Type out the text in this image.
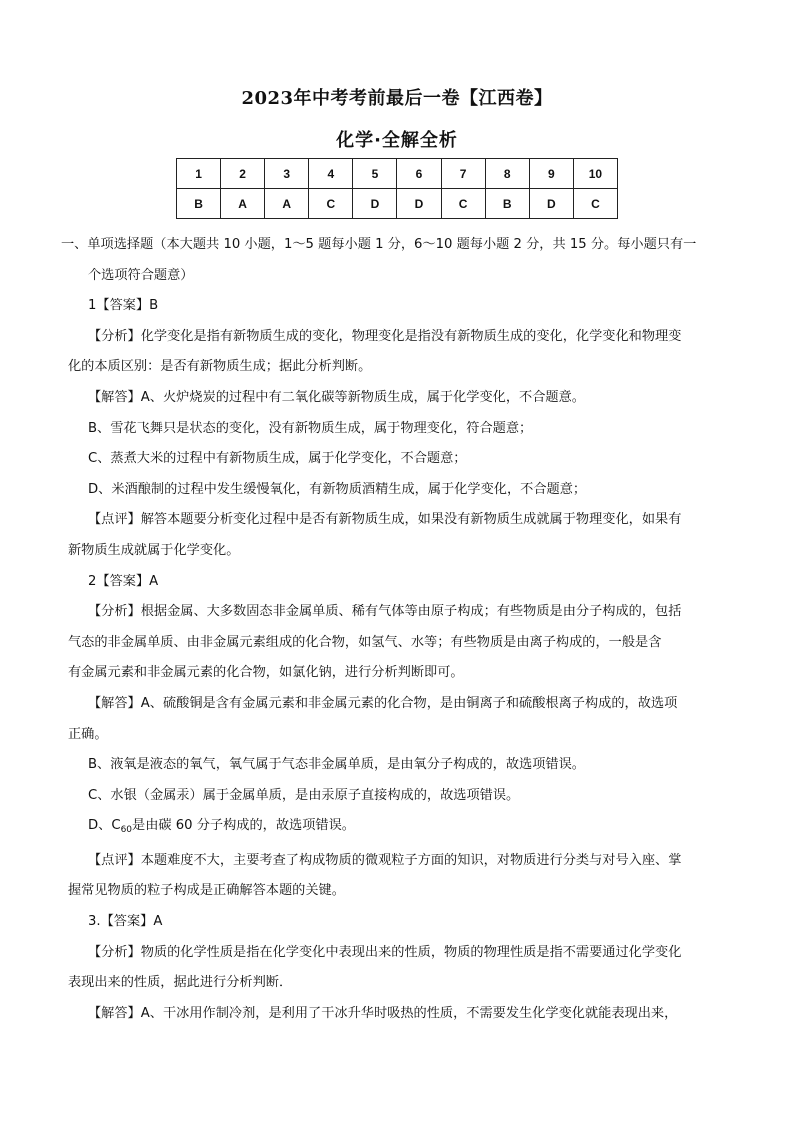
2023年中考考前最后一卷【江西卷】
化学·全解全析
1	2	3	4	5	6	7	8	9	10
B	A	A	C	D	D	C	B	D	C

一、单项选择题（本大题共 10 小题，1～5 题每小题 1 分，6～10 题每小题 2 分，共 15 分。每小题只有一

个选项符合题意）

1【答案】B

【分析】化学变化是指有新物质生成的变化，物理变化是指没有新物质生成的变化，化学变化和物理变

化的本质区别：是否有新物质生成；据此分析判断。

【解答】A、火炉烧炭的过程中有二氧化碳等新物质生成，属于化学变化，不合题意。

B、雪花飞舞只是状态的变化，没有新物质生成，属于物理变化，符合题意；

C、蒸煮大米的过程中有新物质生成，属于化学变化，不合题意；

D、米酒酿制的过程中发生缓慢氧化，有新物质酒精生成，属于化学变化，不合题意；

【点评】解答本题要分析变化过程中是否有新物质生成，如果没有新物质生成就属于物理变化，如果有

新物质生成就属于化学变化。

2【答案】A

【分析】根据金属、大多数固态非金属单质、稀有气体等由原子构成；有些物质是由分子构成的，包括

气态的非金属单质、由非金属元素组成的化合物，如氢气、水等；有些物质是由离子构成的，一般是含

有金属元素和非金属元素的化合物，如氯化钠，进行分析判断即可。

【解答】A、硫酸铜是含有金属元素和非金属元素的化合物，是由铜离子和硫酸根离子构成的，故选项

正确。

B、液氧是液态的氧气，氧气属于气态非金属单质，是由氧分子构成的，故选项错误。

C、水银（金属汞）属于金属单质，是由汞原子直接构成的，故选项错误。

D、$C_{60}$是由碳 60 分子构成的，故选项错误。

【点评】本题难度不大，主要考查了构成物质的微观粒子方面的知识，对物质进行分类与对号入座、掌

握常见物质的粒子构成是正确解答本题的关键。

3.【答案】A

【分析】物质的化学性质是指在化学变化中表现出来的性质，物质的物理性质是指不需要通过化学变化

表现出来的性质，据此进行分析判断．

【解答】A、干冰用作制冷剂，是利用了干冰升华时吸热的性质，不需要发生化学变化就能表现出来，
